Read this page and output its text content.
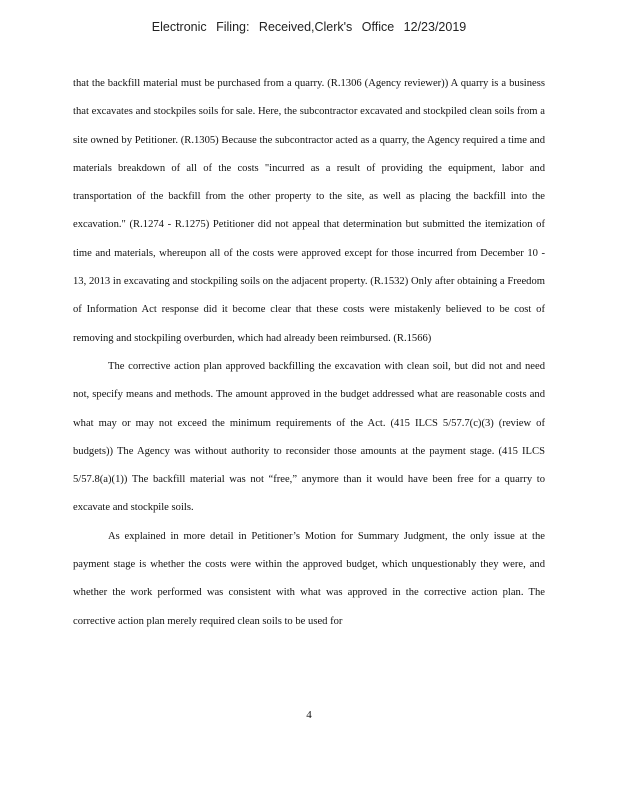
Electronic Filing: Received,Clerk's Office 12/23/2019

that the backfill material must be purchased from a quarry. (R.1306 (Agency reviewer)) A quarry is a business that excavates and stockpiles soils for sale. Here, the subcontractor excavated and stockpiled clean soils from a site owned by Petitioner. (R.1305) Because the subcontractor acted as a quarry, the Agency required a time and materials breakdown of all of the costs "incurred as a result of providing the equipment, labor and transportation of the backfill from the other property to the site, as well as placing the backfill into the excavation." (R.1274 - R.1275) Petitioner did not appeal that determination but submitted the itemization of time and materials, whereupon all of the costs were approved except for those incurred from December 10 - 13, 2013 in excavating and stockpiling soils on the adjacent property. (R.1532) Only after obtaining a Freedom of Information Act response did it become clear that these costs were mistakenly believed to be cost of removing and stockpiling overburden, which had already been reimbursed. (R.1566)

The corrective action plan approved backfilling the excavation with clean soil, but did not and need not, specify means and methods. The amount approved in the budget addressed what are reasonable costs and what may or may not exceed the minimum requirements of the Act. (415 ILCS 5/57.7(c)(3) (review of budgets)) The Agency was without authority to reconsider those amounts at the payment stage. (415 ILCS 5/57.8(a)(1)) The backfill material was not “free,” anymore than it would have been free for a quarry to excavate and stockpile soils.

As explained in more detail in Petitioner’s Motion for Summary Judgment, the only issue at the payment stage is whether the costs were within the approved budget, which unquestionably they were, and whether the work performed was consistent with what was approved in the corrective action plan. The corrective action plan merely required clean soils to be used for

4
